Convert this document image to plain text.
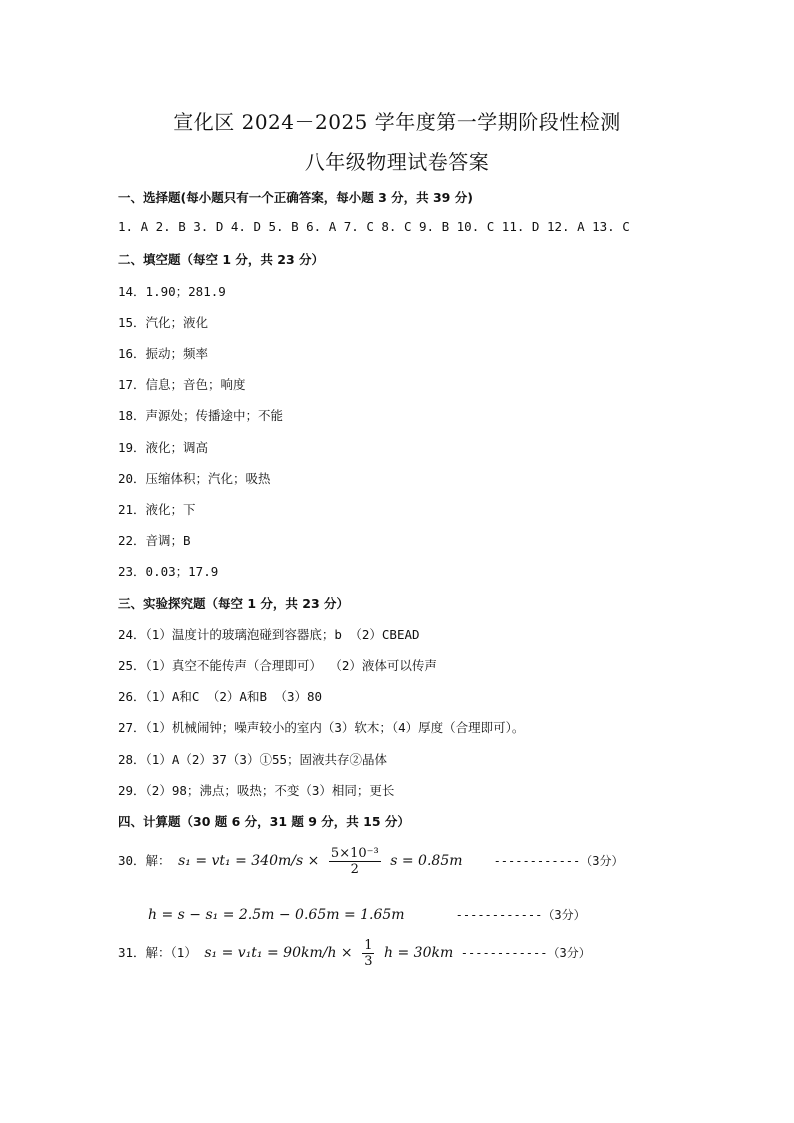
宣化区 2024－2025 学年度第一学期阶段性检测
八年级物理试卷答案
一、选择题(每小题只有一个正确答案，每小题 3 分，共 39 分)
1. A 2. B 3. D 4. D 5. B 6. A 7. C 8. C 9. B 10. C 11. D 12. A 13. C
二、填空题（每空 1 分，共 23 分）
14．1.90；281.9
15．汽化；液化
16．振动；频率
17．信息；音色；响度
18．声源处；传播途中；不能
19．液化；调高
20．压缩体积；汽化；吸热
21．液化；下
22．音调；B
23．0.03；17.9
三、实验探究题（每空 1 分，共 23 分）
24．（1）温度计的玻璃泡碰到容器底；b （2）CBEAD
25．（1）真空不能传声（合理即可） （2）液体可以传声
26．（1）A和C （2）A和B （3）80
27．（1）机械闹钟；噪声较小的室内（3）软木；（4）厚度（合理即可）。
28．（1）A（2）37（3）①55；固液共存②晶体
29．（2）98；沸点；吸热；不变（3）相同；更长
四、计算题（30 题 6 分，31 题 9 分，共 15 分）
30．解： $s_1 = vt_1 = 340m/s \times \frac{\text{5×10⁻³}}{2}$ s = 0.85m	------------（3分）
h = s − s₁ = 2.5m − 0.65m = 1.65m	------------（3分）
31．解：（1） $s_1 = v_1t_1 = 90km/h \times \frac{1}{3}$ h = 30km ------------（3分）
